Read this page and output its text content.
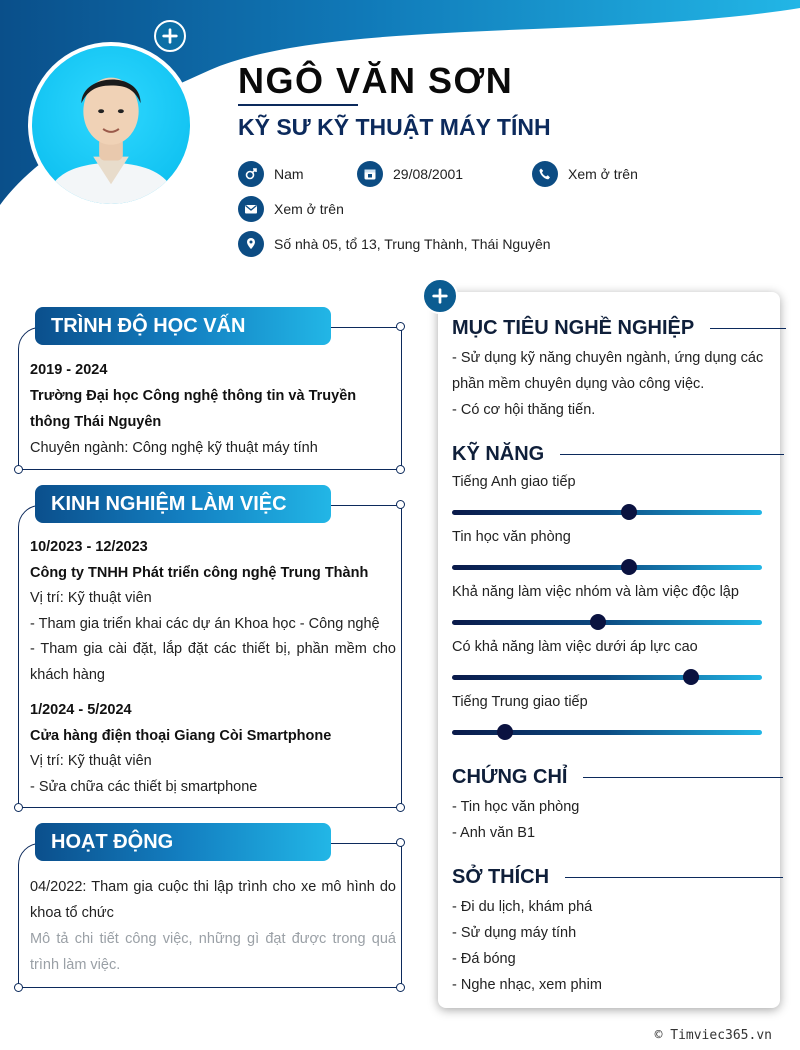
NGÔ VĂN SƠN
KỸ SƯ KỸ THUẬT MÁY TÍNH
Nam	29/08/2001	Xem ở trên
Xem ở trên
Số nhà 05, tổ 13, Trung Thành, Thái Nguyên
TRÌNH ĐỘ HỌC VẤN
2019 - 2024
Trường Đại học Công nghệ thông tin và Truyền thông Thái Nguyên
Chuyên ngành: Công nghệ kỹ thuật máy tính
KINH NGHIỆM LÀM VIỆC
10/2023 - 12/2023
Công ty TNHH Phát triển công nghệ Trung Thành
Vị trí: Kỹ thuật viên
- Tham gia triển khai các dự án Khoa học - Công nghệ
- Tham gia cài đặt, lắp đặt các thiết bị, phần mềm cho khách hàng
1/2024 - 5/2024
Cửa hàng điện thoại Giang Còi Smartphone
Vị trí: Kỹ thuật viên
- Sửa chữa các thiết bị smartphone
HOẠT ĐỘNG
04/2022: Tham gia cuộc thi lập trình cho xe mô hình do khoa tổ chức
Mô tả chi tiết công việc, những gì đạt được trong quá trình làm việc.
MỤC TIÊU NGHỀ NGHIỆP
- Sử dụng kỹ năng chuyên ngành, ứng dụng các phần mềm chuyên dụng vào công việc.
- Có cơ hội thăng tiến.
KỸ NĂNG
Tiếng Anh giao tiếp
Tin học văn phòng
Khả năng làm việc nhóm và làm việc độc lập
Có khả năng làm việc dưới áp lực cao
Tiếng Trung giao tiếp
CHỨNG CHỈ
- Tin học văn phòng
- Anh văn B1
SỞ THÍCH
- Đi du lịch, khám phá
- Sử dụng máy tính
- Đá bóng
- Nghe nhạc, xem phim
© Timviec365.vn
